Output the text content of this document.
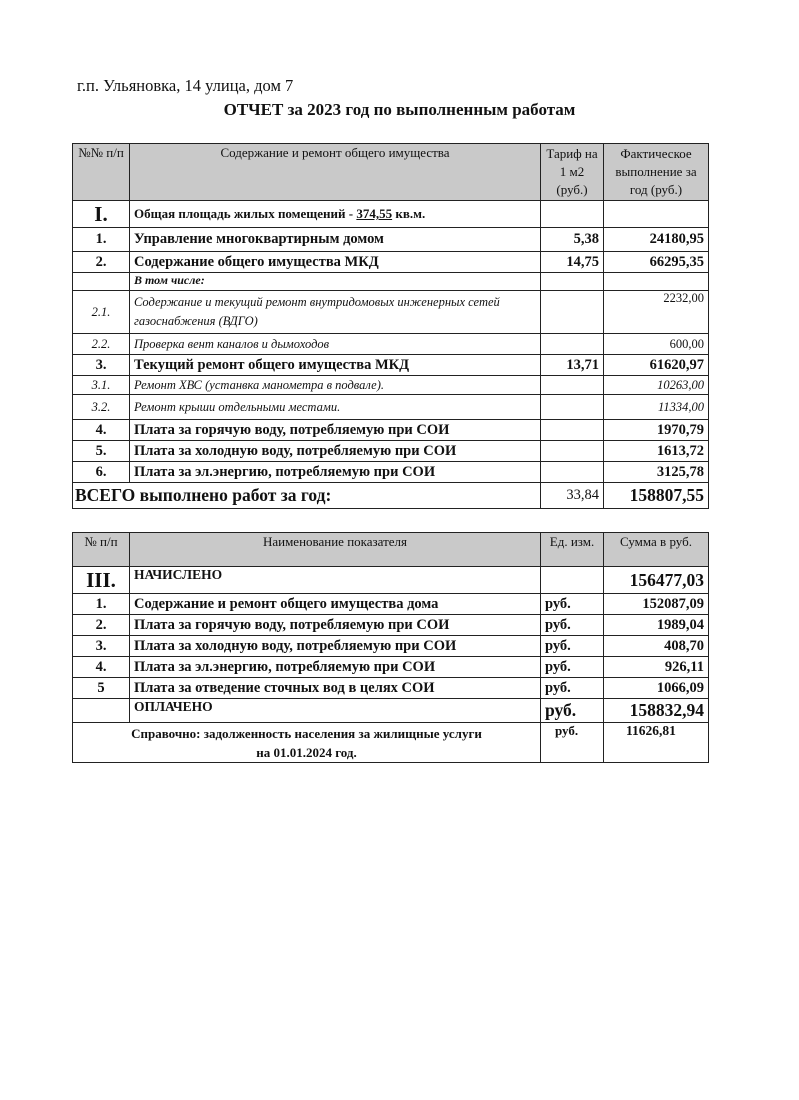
г.п. Ульяновка, 14 улица, дом 7
ОТЧЕТ за 2023 год по выполненным работам
№№ п/п	Содержание и ремонт общего имущества	Тариф на 1 м2 (руб.)	Фактическое выполнение за год (руб.)
I.	Общая площадь жилых помещений - 374,55 кв.м.		
1.	Управление многоквартирным домом	5,38	24180,95
2.	Содержание общего имущества МКД	14,75	66295,35
	В том числе:		
2.1.	Содержание и текущий ремонт внутридомовых инженерных сетей газоснабжения (ВДГО)		2232,00
2.2.	Проверка вент каналов и дымоходов		600,00
3.	Текущий ремонт общего имущества МКД	13,71	61620,97
3.1.	Ремонт ХВС (устанвка манометра в подвале).		10263,00
3.2.	Ремонт крыши отдельными местами.		11334,00
4.	Плата за горячую воду, потребляемую при СОИ		1970,79
5.	Плата за холодную воду, потребляемую при СОИ		1613,72
6.	Плата за эл.энергию, потребляемую при СОИ		3125,78
ВСЕГО выполнено работ за год:		33,84	158807,55
№ п/п	Наименование показателя	Ед. изм.	Сумма в руб.
III.	НАЧИСЛЕНО		156477,03
1.	Содержание и ремонт общего имущества дома	руб.	152087,09
2.	Плата за горячую воду, потребляемую при СОИ	руб.	1989,04
3.	Плата за холодную воду, потребляемую при СОИ	руб.	408,70
4.	Плата за эл.энергию, потребляемую при СОИ	руб.	926,11
5	Плата за отведение сточных вод в целях СОИ	руб.	1066,09
	ОПЛАЧЕНО	руб.	158832,94
Справочно: задолженность населения за жилищные услуги на 01.01.2024 год.		руб.	11626,81
